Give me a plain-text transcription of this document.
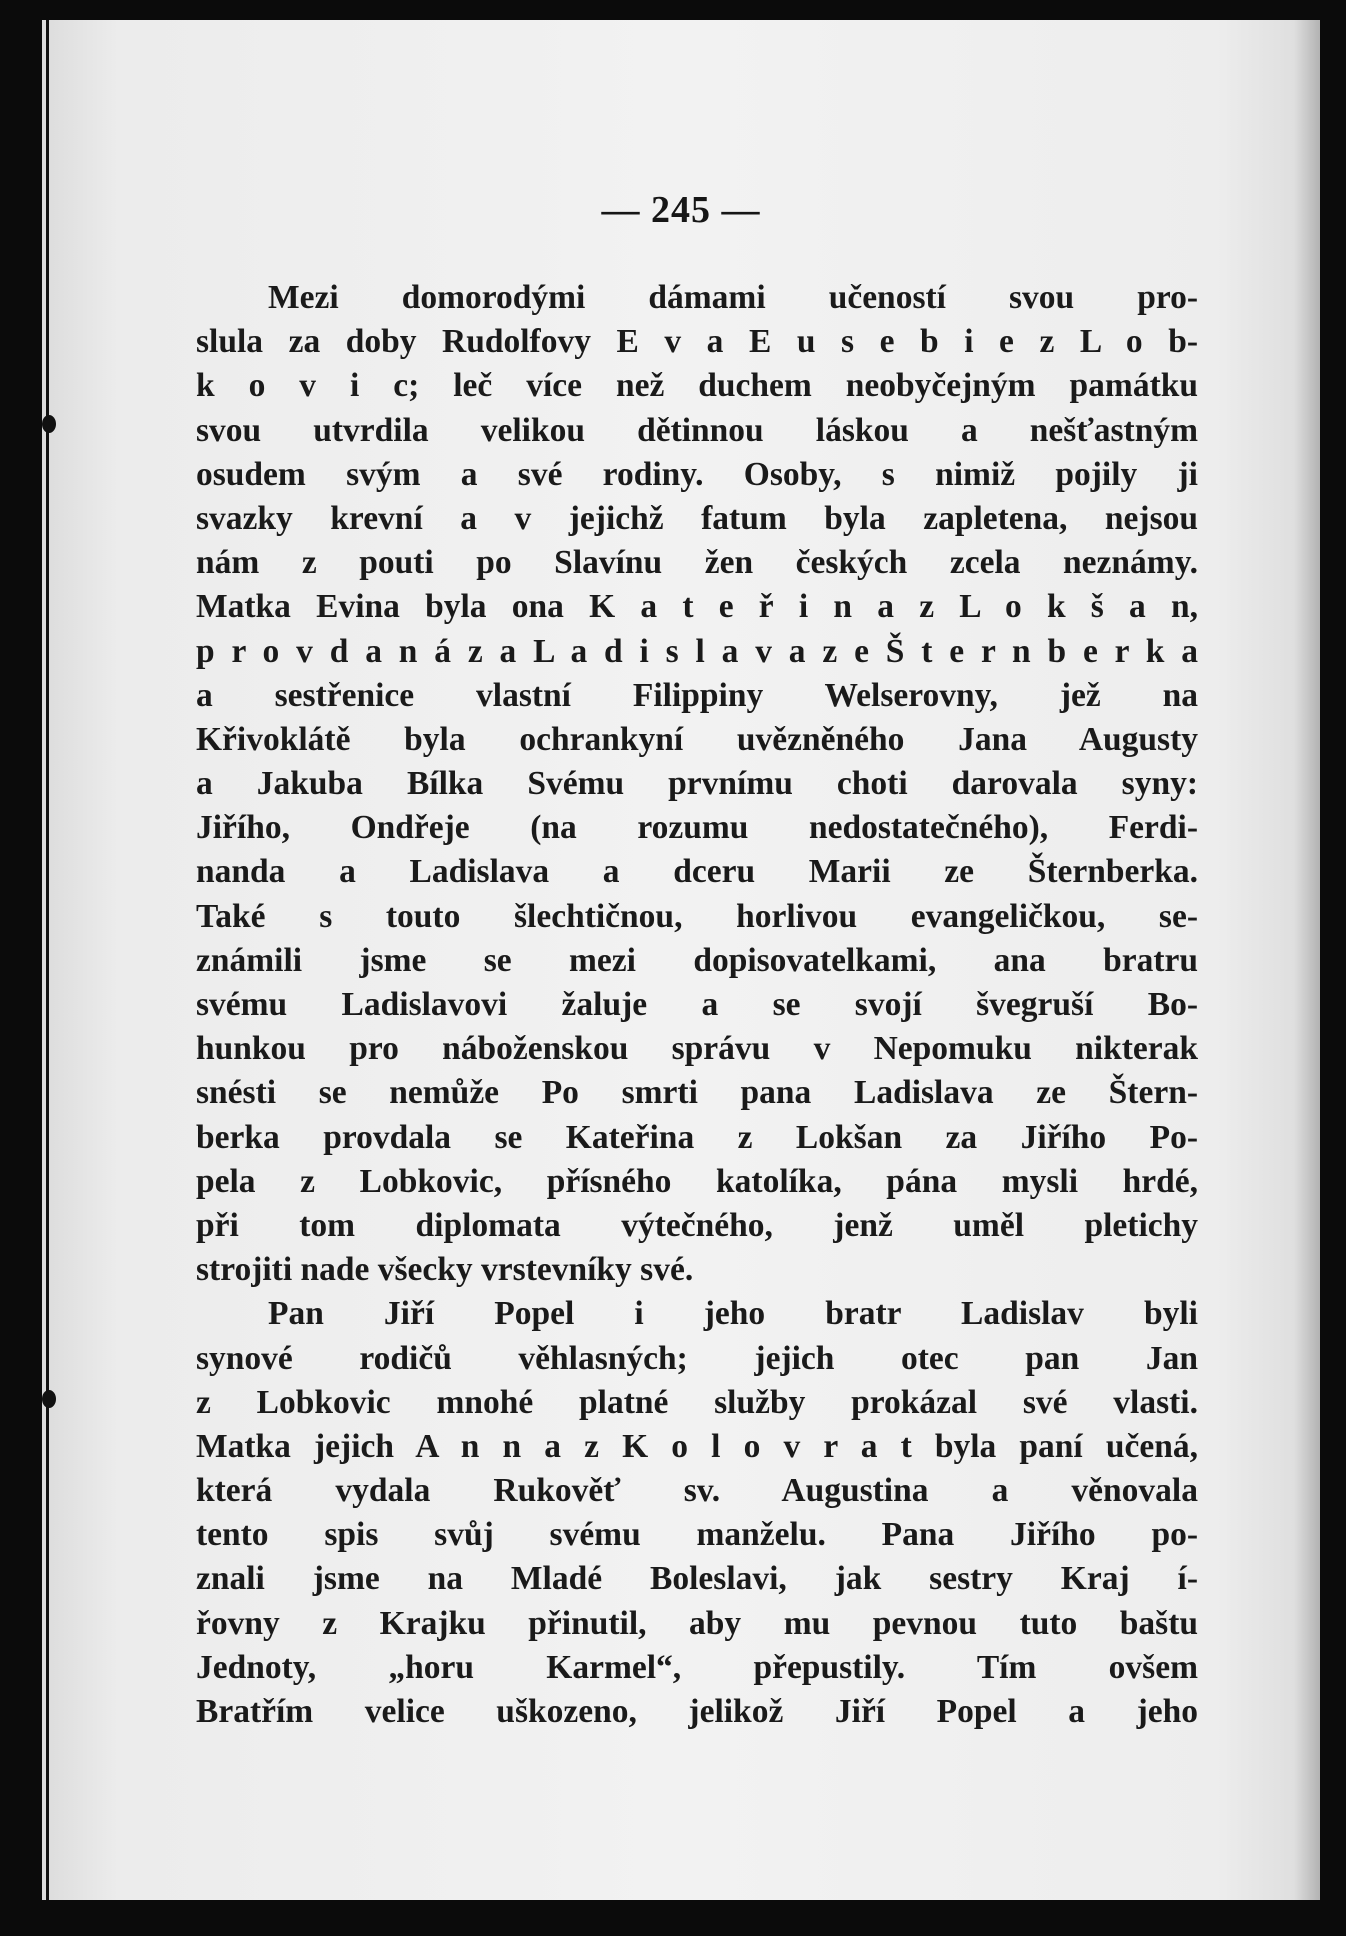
— 245 —
Mezi domorodými dámami učeností svou pro-
slula za doby Rudolfovy E v a E u s e b i e z L o b-
k o v i c; leč více než duchem neobyčejným památku
svou utvrdila velikou dětinnou láskou a nešťastným
osudem svým a své rodiny. Osoby, s nimiž pojily ji
svazky krevní a v jejichž fatum byla zapletena, nejsou
nám z pouti po Slavínu žen českých zcela neznámy.
Matka Evina byla ona K a t e ř i n a z L o k š a n,
p r o v d a n á z a L a d i s l a v a z e Š t e r n b e r k a
a sestřenice vlastní Filippiny Welserovny, jež na
Křivoklátě byla ochrankyní uvězněného Jana Augusty
a Jakuba Bílka Svému prvnímu choti darovala syny:
Jiřího, Ondřeje (na rozumu nedostatečného), Ferdi-
nanda a Ladislava a dceru Marii ze Šternberka.
Také s touto šlechtičnou, horlivou evangeličkou, se-
známili jsme se mezi dopisovatelkami, ana bratru
svému Ladislavovi žaluje a se svojí švegruší Bo-
hunkou pro náboženskou správu v Nepomuku nikterak
snésti se nemůže Po smrti pana Ladislava ze Štern-
berka provdala se Kateřina z Lokšan za Jiřího Po-
pela z Lobkovic, přísného katolíka, pána mysli hrdé,
při tom diplomata výtečného, jenž uměl pletichy
strojiti nade všecky vrstevníky své.
Pan Jiří Popel i jeho bratr Ladislav byli
synové rodičů věhlasných; jejich otec pan Jan
z Lobkovic mnohé platné služby prokázal své vlasti.
Matka jejich A n n a z K o l o v r a t byla paní učená,
která vydala Rukověť sv. Augustina a věnovala
tento spis svůj svému manželu. Pana Jiřího po-
znali jsme na Mladé Boleslavi, jak sestry Kraj í-
řovny z Krajku přinutil, aby mu pevnou tuto baštu
Jednoty, „horu Karmel“, přepustily. Tím ovšem
Bratřím velice uškozeno, jelikož Jiří Popel a jeho
